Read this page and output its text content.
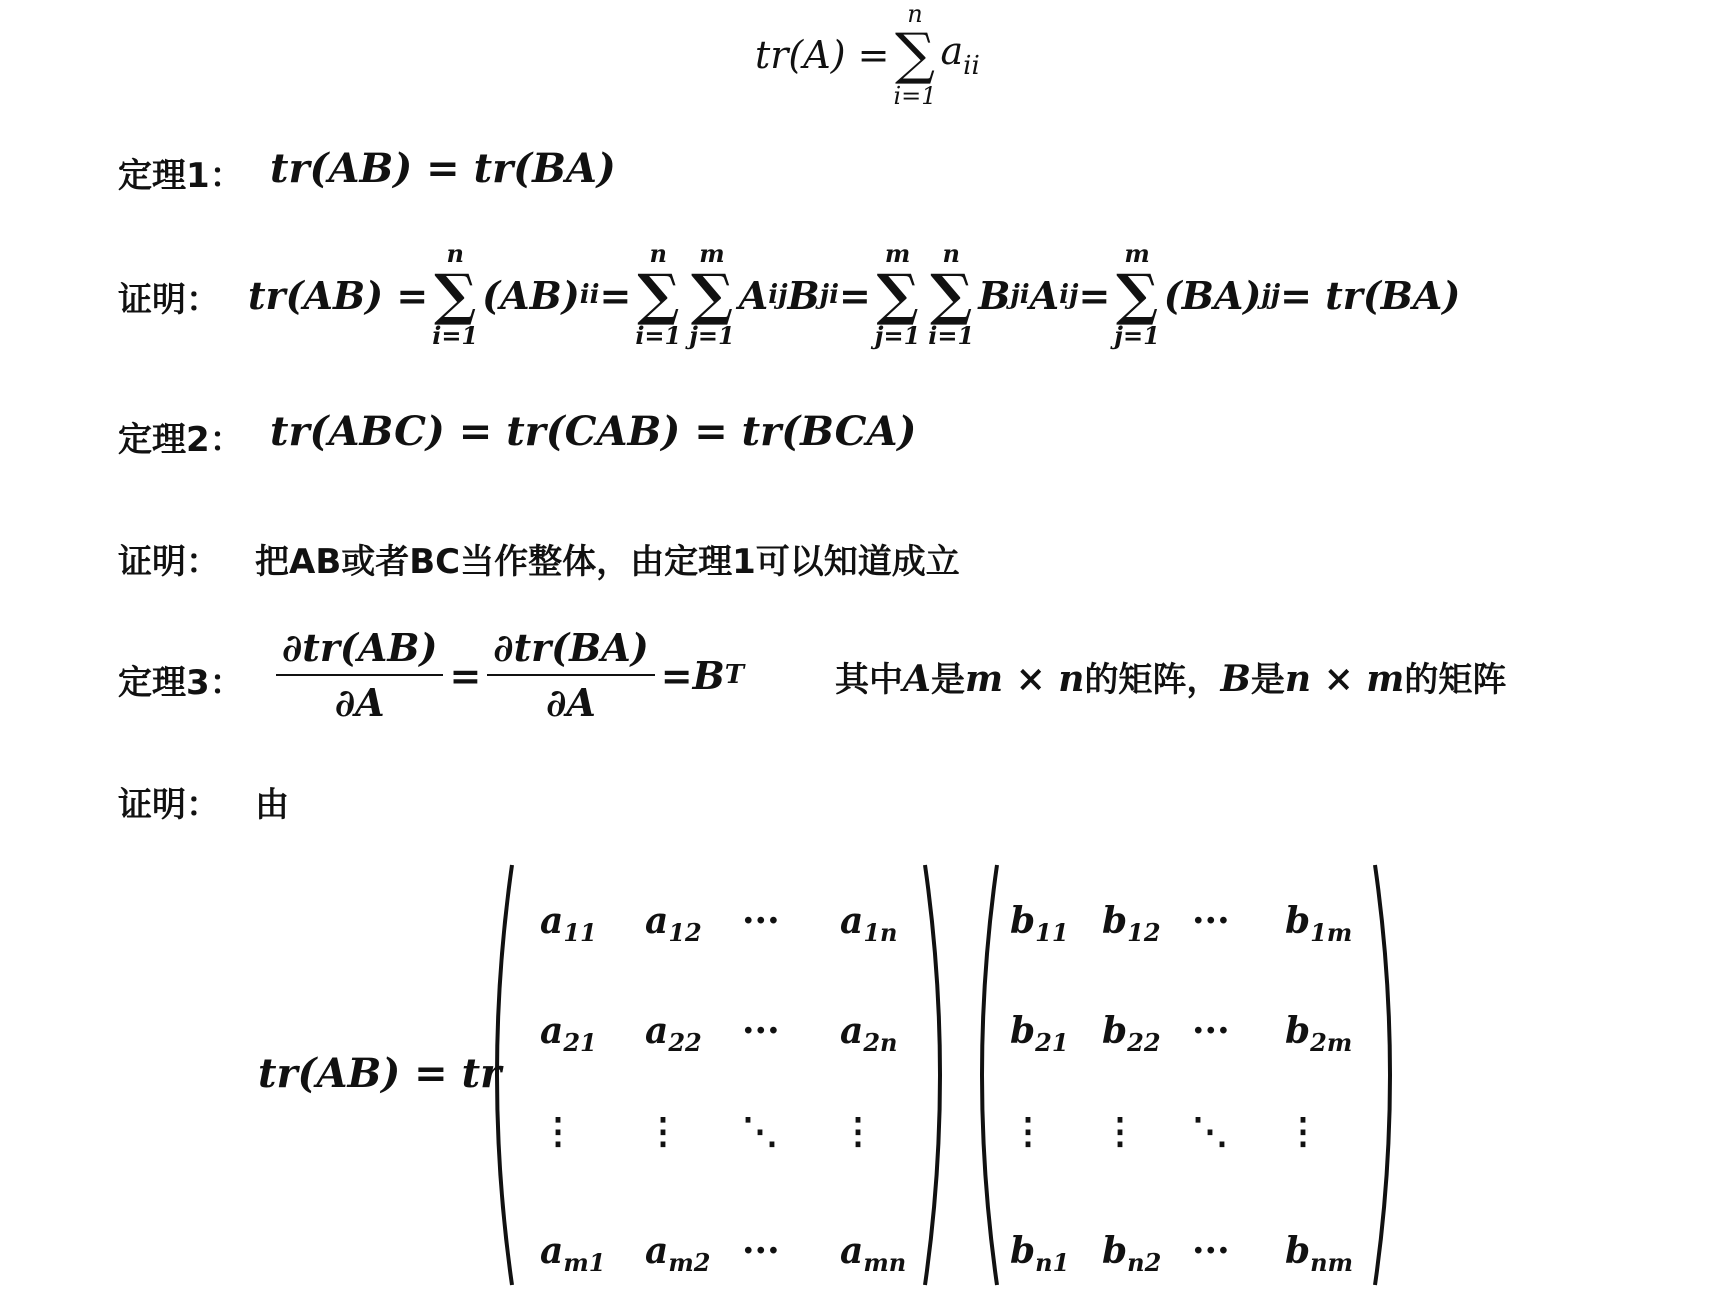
tr(A) =
n
∑
i=1
$a_{ii}$
定理1： tr(AB) = tr(BA)
证明： tr(AB) =
n
∑
i=1
(AB) ii =
n
∑
i=1
m
∑
j=1
A ij B ji =
m
∑
j=1
n
∑
i=1
B ji A ij =
m
∑
j=1
(BA) jj = tr(BA)
定理2： tr(ABC) = tr(CAB) = tr(BCA)
证明： 把AB或者BC当作整体，由定理1可以知道成立
定理3： $\frac{\partial tr(AB)}{\partial A} = \frac{\partial tr(BA)}{\partial A} = B$ T	其中 A 是 m × n 的矩阵， B 是 n × m 的矩阵
证明： 由
tr(AB) = tr
$a_{11}$ $a_{12}$ ··· $a_{1n}$
$a_{21}$ $a_{22}$ ··· $a_{2n}$
⋮ ⋮ ⋱ ⋮
$a_{m1}$ $a_{m2}$ ··· $a_{mn}$
$b_{11}$ $b_{12}$ ··· $b_{1m}$
$b_{21}$ $b_{22}$ ··· $b_{2m}$
⋮ ⋮ ⋱ ⋮
$b_{n1}$ $b_{n2}$ ··· $b_{nm}$
